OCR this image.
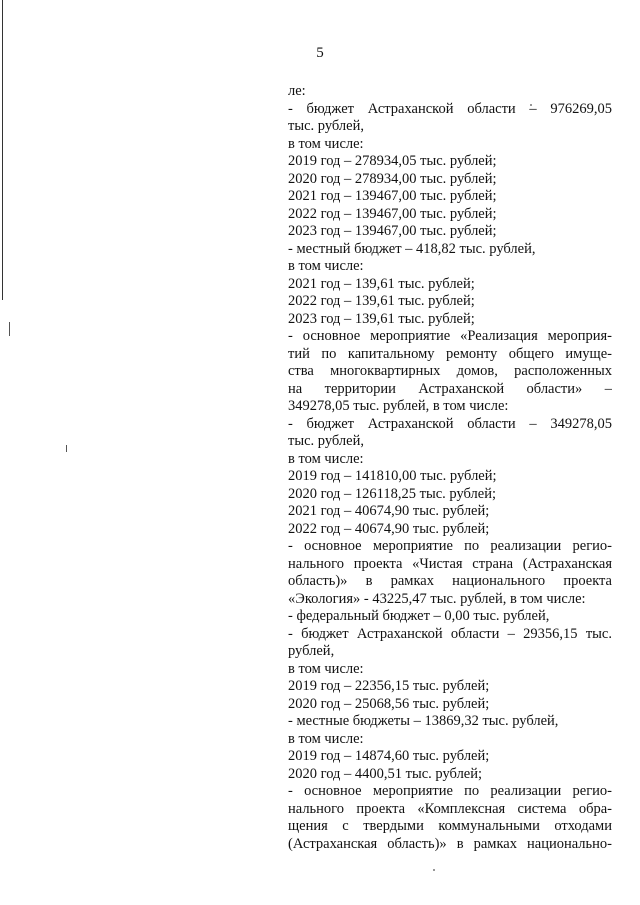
5
ле:
- бюджет Астраханской области – 976269,05
тыс. рублей,
в том числе:
2019 год – 278934,05 тыс. рублей;
2020 год – 278934,00 тыс. рублей;
2021 год – 139467,00 тыс. рублей;
2022 год – 139467,00 тыс. рублей;
2023 год – 139467,00 тыс. рублей;
- местный бюджет – 418,82 тыс. рублей,
в том числе:
2021 год – 139,61 тыс. рублей;
2022 год – 139,61 тыс. рублей;
2023 год – 139,61 тыс. рублей;
- основное мероприятие «Реализация мероприя-
тий по капитальному ремонту общего имуще-
ства многоквартирных домов, расположенных
на территории Астраханской области» –
349278,05 тыс. рублей, в том числе:
- бюджет Астраханской области – 349278,05
тыс. рублей,
в том числе:
2019 год – 141810,00 тыс. рублей;
2020 год – 126118,25 тыс. рублей;
2021 год – 40674,90 тыс. рублей;
2022 год – 40674,90 тыс. рублей;
- основное мероприятие по реализации регио-
нального проекта «Чистая страна (Астраханская
область)» в рамках национального проекта
«Экология» - 43225,47 тыс. рублей, в том числе:
- федеральный бюджет – 0,00 тыс. рублей,
- бюджет Астраханской области – 29356,15 тыс.
рублей,
в том числе:
2019 год – 22356,15 тыс. рублей;
2020 год – 25068,56 тыс. рублей;
- местные бюджеты – 13869,32 тыс. рублей,
в том числе:
2019 год – 14874,60 тыс. рублей;
2020 год – 4400,51 тыс. рублей;
- основное мероприятие по реализации регио-
нального проекта «Комплексная система обра-
щения с твердыми коммунальными отходами
(Астраханская область)» в рамках национально-
